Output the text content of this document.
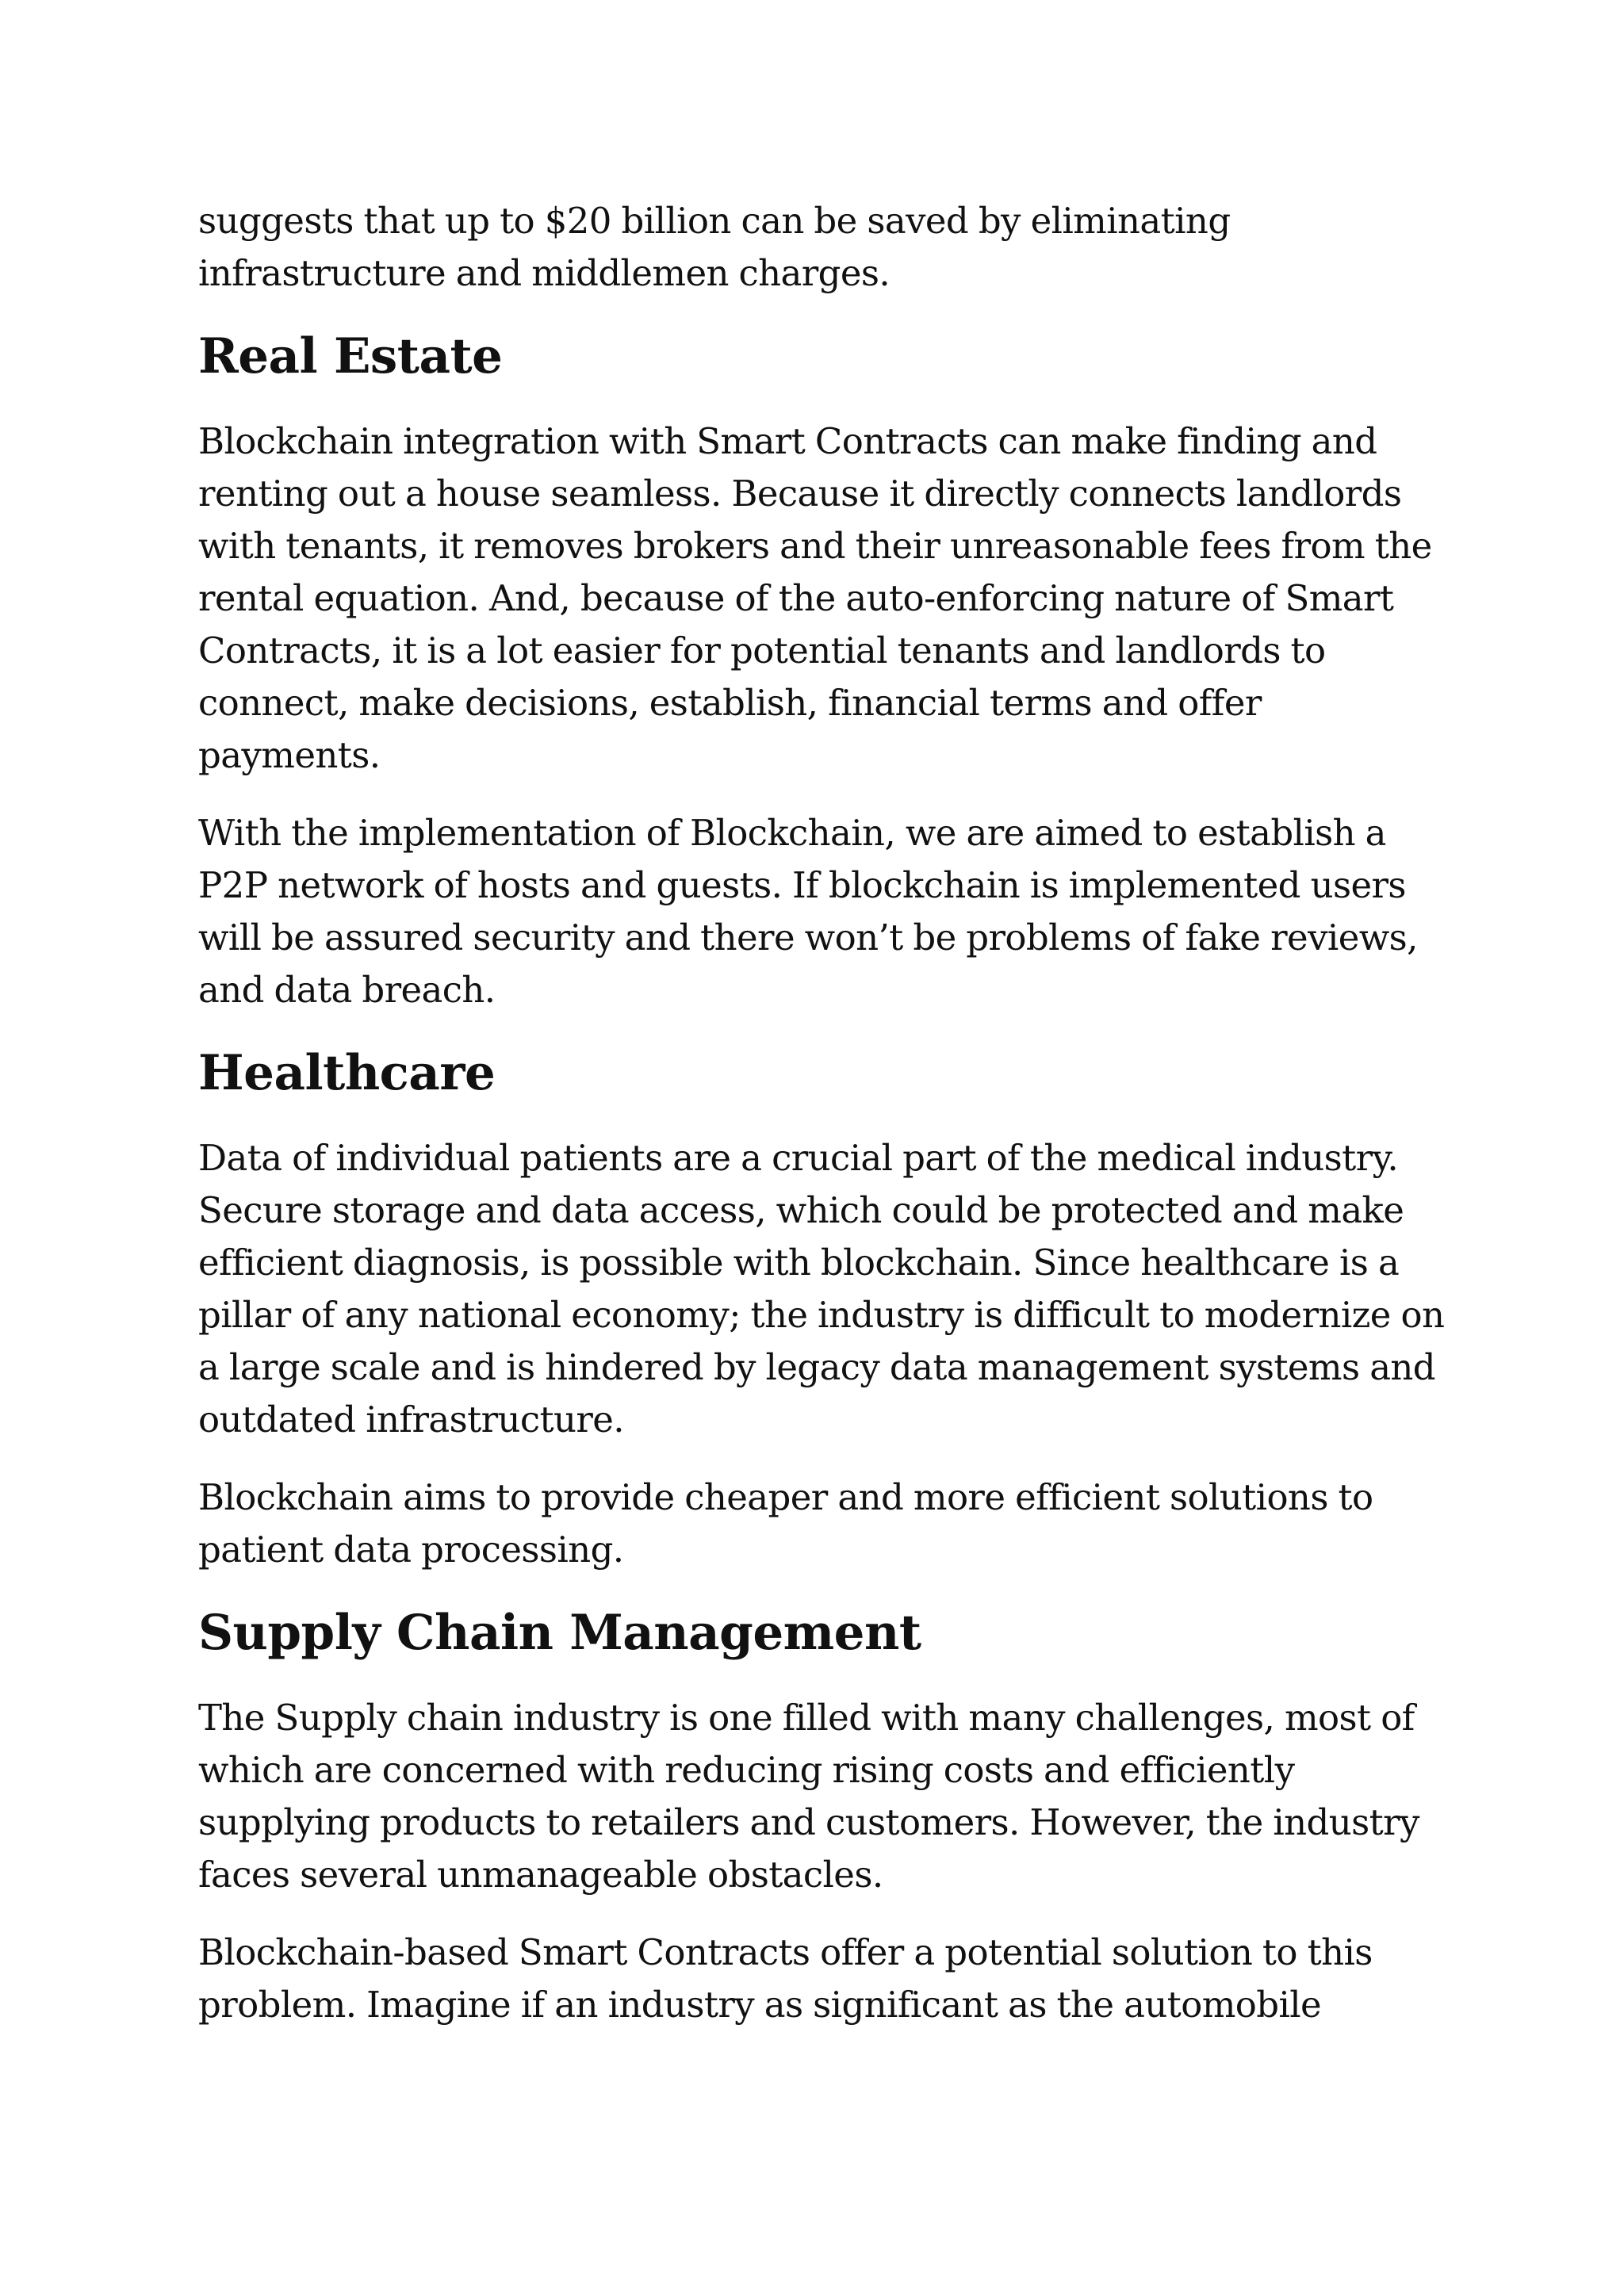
suggests that up to $20 billion can be saved by eliminating infrastructure and middlemen charges.

Real Estate

Blockchain integration with Smart Contracts can make finding and renting out a house seamless. Because it directly connects landlords with tenants, it removes brokers and their unreasonable fees from the rental equation. And, because of the auto-enforcing nature of Smart Contracts, it is a lot easier for potential tenants and landlords to connect, make decisions, establish, financial terms and offer payments.

With the implementation of Blockchain, we are aimed to establish a P2P network of hosts and guests. If blockchain is implemented users will be assured security and there won’t be problems of fake reviews, and data breach.

Healthcare

Data of individual patients are a crucial part of the medical industry. Secure storage and data access, which could be protected and make efficient diagnosis, is possible with blockchain. Since healthcare is a pillar of any national economy; the industry is difficult to modernize on a large scale and is hindered by legacy data management systems and outdated infrastructure.

Blockchain aims to provide cheaper and more efficient solutions to patient data processing.

Supply Chain Management

The Supply chain industry is one filled with many challenges, most of which are concerned with reducing rising costs and efficiently supplying products to retailers and customers. However, the industry faces several unmanageable obstacles.

Blockchain-based Smart Contracts offer a potential solution to this problem. Imagine if an industry as significant as the automobile
